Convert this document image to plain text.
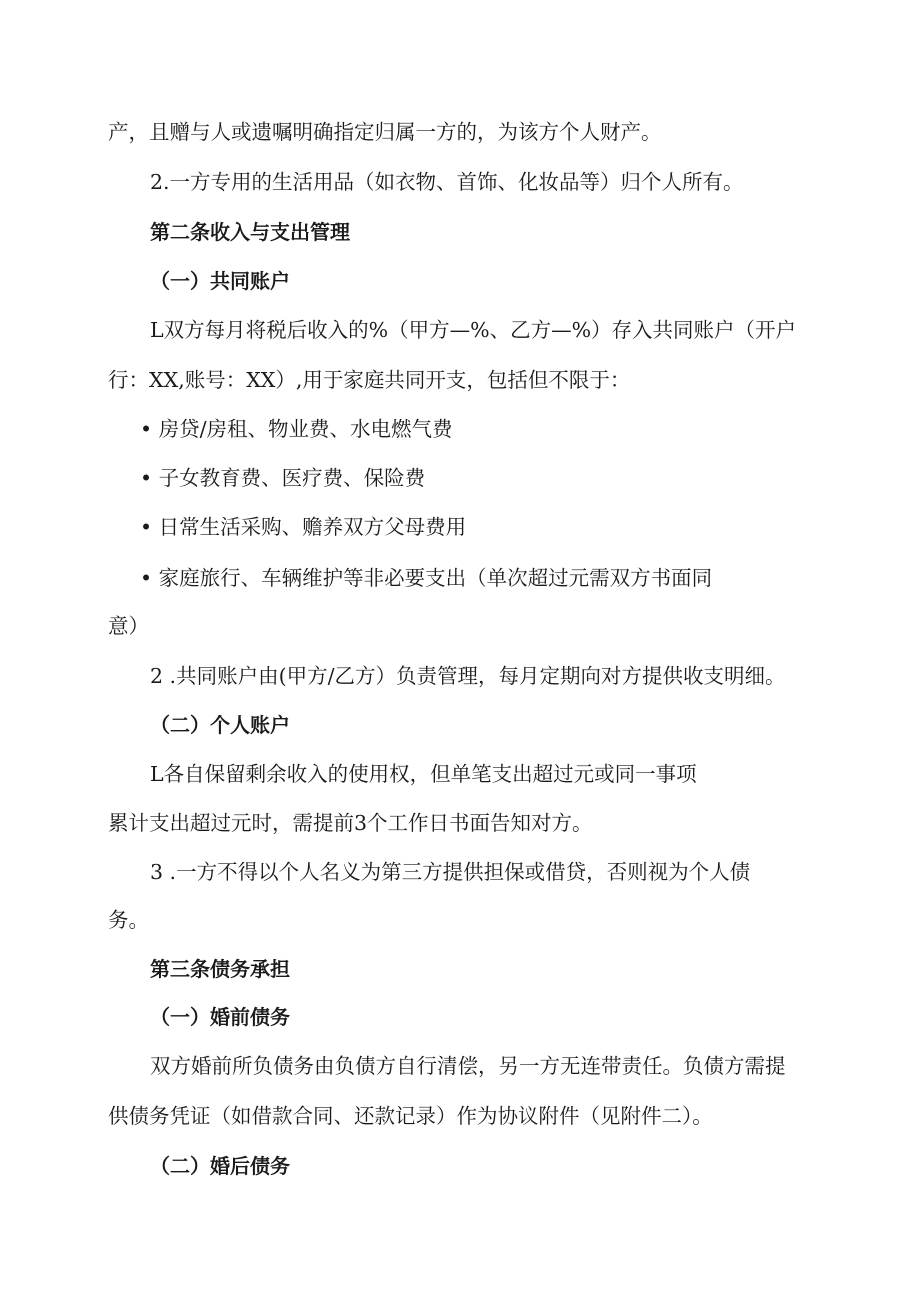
产，且赠与人或遗嘱明确指定归属一方的，为该方个人财产。
2.一方专用的生活用品（如衣物、首饰、化妆品等）归个人所有。
第二条收入与支出管理
（一）共同账户
L双方每月将税后收入的%（甲方—%、乙方—%）存入共同账户（开户
行：XX,账号：XX）,用于家庭共同开支，包括但不限于：
• 房贷/房租、物业费、水电燃气费
• 子女教育费、医疗费、保险费
• 日常生活采购、赡养双方父母费用
• 家庭旅行、车辆维护等非必要支出（单次超过元需双方书面同
意）
2 .共同账户由(甲方/乙方）负责管理，每月定期向对方提供收支明细。
（二）个人账户
L各自保留剩余收入的使用权，但单笔支出超过元或同一事项
累计支出超过元时，需提前3个工作日书面告知对方。
3 .一方不得以个人名义为第三方提供担保或借贷，否则视为个人债
务。
第三条债务承担
（一）婚前债务
双方婚前所负债务由负债方自行清偿，另一方无连带责任。负债方需提
供债务凭证（如借款合同、还款记录）作为协议附件（见附件二）。
（二）婚后债务
